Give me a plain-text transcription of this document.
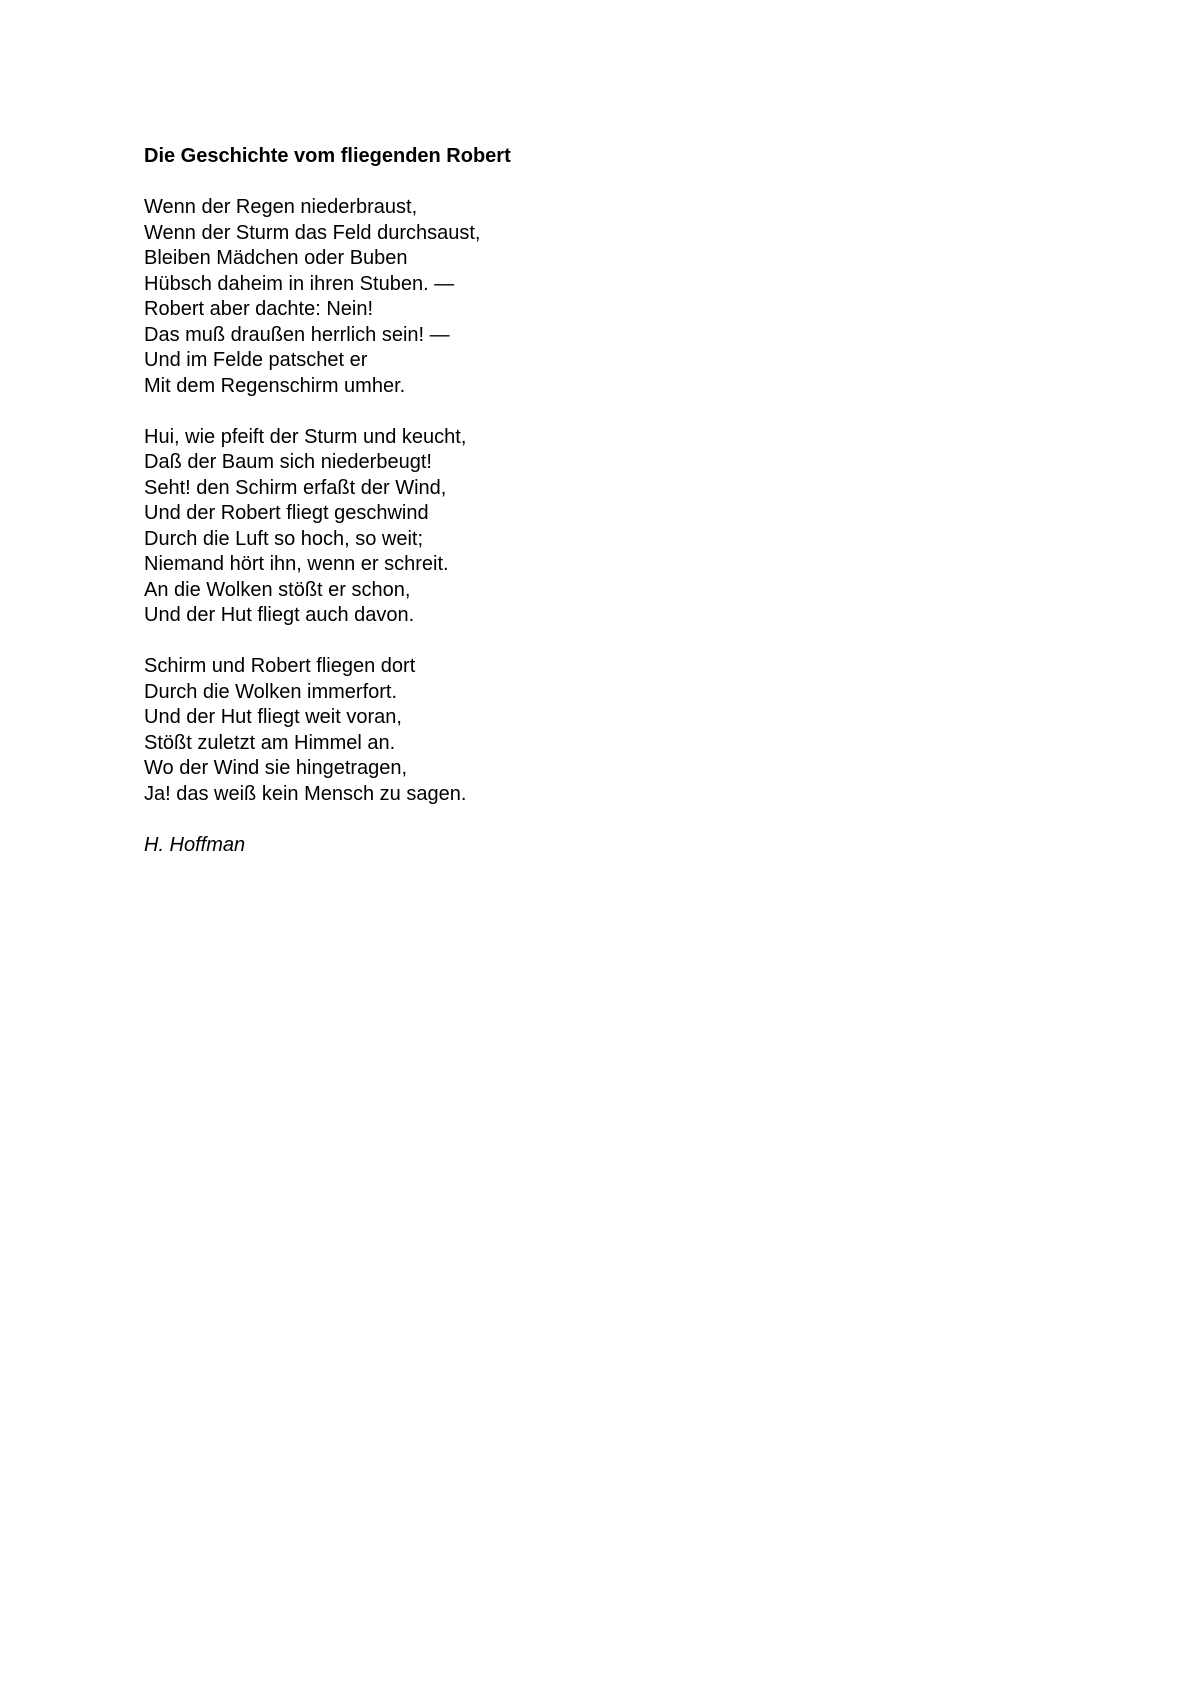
Die Geschichte vom fliegenden Robert
Wenn der Regen niederbraust,
Wenn der Sturm das Feld durchsaust,
Bleiben Mädchen oder Buben
Hübsch daheim in ihren Stuben. —
Robert aber dachte: Nein!
Das muß draußen herrlich sein! —
Und im Felde patschet er
Mit dem Regenschirm umher.
Hui, wie pfeift der Sturm und keucht,
Daß der Baum sich niederbeugt!
Seht! den Schirm erfaßt der Wind,
Und der Robert fliegt geschwind
Durch die Luft so hoch, so weit;
Niemand hört ihn, wenn er schreit.
An die Wolken stößt er schon,
Und der Hut fliegt auch davon.
Schirm und Robert fliegen dort
Durch die Wolken immerfort.
Und der Hut fliegt weit voran,
Stößt zuletzt am Himmel an.
Wo der Wind sie hingetragen,
Ja! das weiß kein Mensch zu sagen.
H. Hoffman
